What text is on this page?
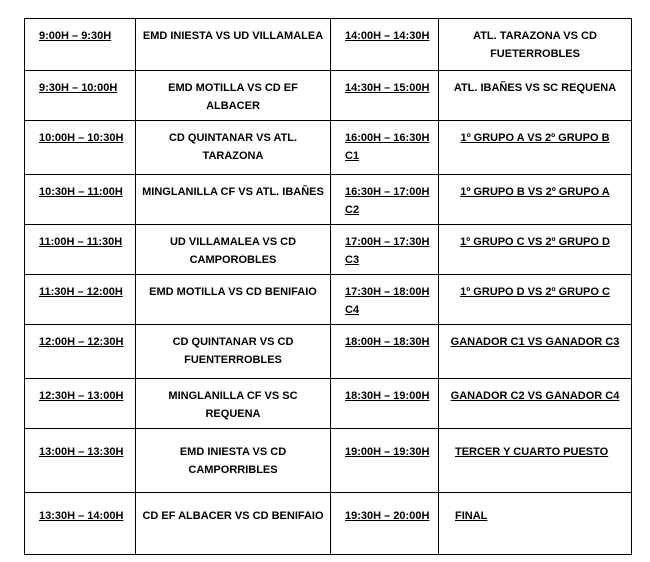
9:00H – 9:30H	EMD INIESTA VS UD VILLAMALEA	14:00H – 14:30H	ATL. TARAZONA VS CD FUETERROBLES

9:30H – 10:00H	EMD MOTILLA VS CD EF ALBACER	14:30H – 15:00H	ATL. IBAÑES VS SC REQUENA

10:00H – 10:30H	CD QUINTANAR VS ATL. TARAZONA	16:00H – 16:30H C1	1º GRUPO A VS 2º GRUPO B

10:30H – 11:00H	MINGLANILLA CF VS ATL. IBAÑES	16:30H – 17:00H C2	1º GRUPO B VS 2º GRUPO A

11:00H – 11:30H	UD VILLAMALEA VS CD CAMPOROBLES	17:00H – 17:30H C3	1º GRUPO C VS 2º GRUPO D

11:30H – 12:00H	EMD MOTILLA VS CD BENIFAIO	17:30H – 18:00H C4	1º GRUPO D VS 2º GRUPO C

12:00H – 12:30H	CD QUINTANAR VS CD FUENTERROBLES	18:00H – 18:30H	GANADOR C1 VS GANADOR C3

12:30H – 13:00H	MINGLANILLA CF VS SC REQUENA	18:30H – 19:00H	GANADOR C2 VS GANADOR C4

13:00H – 13:30H	EMD INIESTA VS CD CAMPORRIBLES	19:00H – 19:30H	TERCER Y CUARTO PUESTO

13:30H – 14:00H	CD EF ALBACER VS CD BENIFAIO	19:30H – 20:00H	FINAL
